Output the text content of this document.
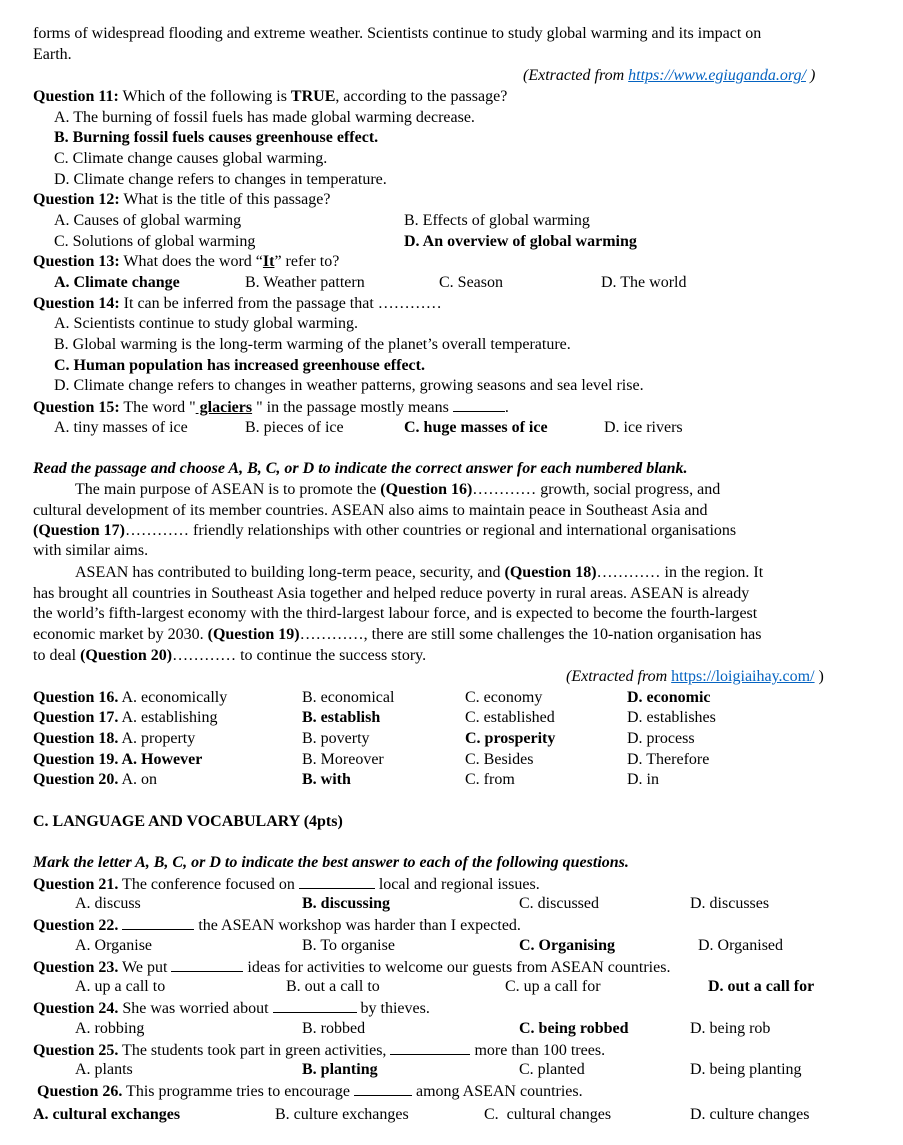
forms of widespread flooding and extreme weather. Scientists continue to study global warming and its impact on
Earth.
(Extracted from https://www.egiuganda.org/ )
Question 11: Which of the following is TRUE, according to the passage?
A. The burning of fossil fuels has made global warming decrease.
B. Burning fossil fuels causes greenhouse effect.
C. Climate change causes global warming.
D. Climate change refers to changes in temperature.
Question 12: What is the title of this passage?
A. Causes of global warming	B. Effects of global warming
C. Solutions of global warming	D. An overview of global warming
Question 13: What does the word “It” refer to?
A. Climate change	B. Weather pattern	C. Season	D. The world
Question 14: It can be inferred from the passage that …………
A. Scientists continue to study global warming.
B. Global warming is the long-term warming of the planet’s overall temperature.
C. Human population has increased greenhouse effect.
D. Climate change refers to changes in weather patterns, growing seasons and sea level rise.
Question 15: The word " glaciers " in the passage mostly means	.
A. tiny masses of ice	B. pieces of ice	C. huge masses of ice	D. ice rivers
Read the passage and choose A, B, C, or D to indicate the correct answer for each numbered blank.
The main purpose of ASEAN is to promote the (Question 16)………… growth, social progress, and
cultural development of its member countries. ASEAN also aims to maintain peace in Southeast Asia and
(Question 17)………… friendly relationships with other countries or regional and international organisations
with similar aims.
ASEAN has contributed to building long-term peace, security, and (Question 18)………… in the region. It
has brought all countries in Southeast Asia together and helped reduce poverty in rural areas. ASEAN is already
the world’s fifth-largest economy with the third-largest labour force, and is expected to become the fourth-largest
economic market by 2030. (Question 19)…………, there are still some challenges the 10-nation organisation has
to deal (Question 20)………… to continue the success story.
(Extracted from https://loigiaihay.com/ )
Question 16. A. economically	B. economical	C. economy	D. economic
Question 17. A. establishing	B. establish	C. established	D. establishes
Question 18. A. property	B. poverty	C. prosperity	D. process
Question 19. A. However	B. Moreover	C. Besides	D. Therefore
Question 20. A. on	B. with	C. from	D. in
C. LANGUAGE AND VOCABULARY (4pts)
Mark the letter A, B, C, or D to indicate the best answer to each of the following questions.
Question 21. The conference focused on	local and regional issues.
A. discuss	B. discussing	C. discussed	D. discusses
Question 22.	the ASEAN workshop was harder than I expected.
A. Organise	B. To organise	C. Organising	D. Organised
Question 23. We put	ideas for activities to welcome our guests from ASEAN countries.
A. up a call to	B. out a call to	C. up a call for	D. out a call for
Question 24. She was worried about	by thieves.
A. robbing	B. robbed	C. being robbed	D. being rob
Question 25. The students took part in green activities,	more than 100 trees.
A. plants	B. planting	C. planted	D. being planting
Question 26. This programme tries to encourage	among ASEAN countries.
A. cultural exchanges	B. culture exchanges	C.  cultural changes	D. culture changes
